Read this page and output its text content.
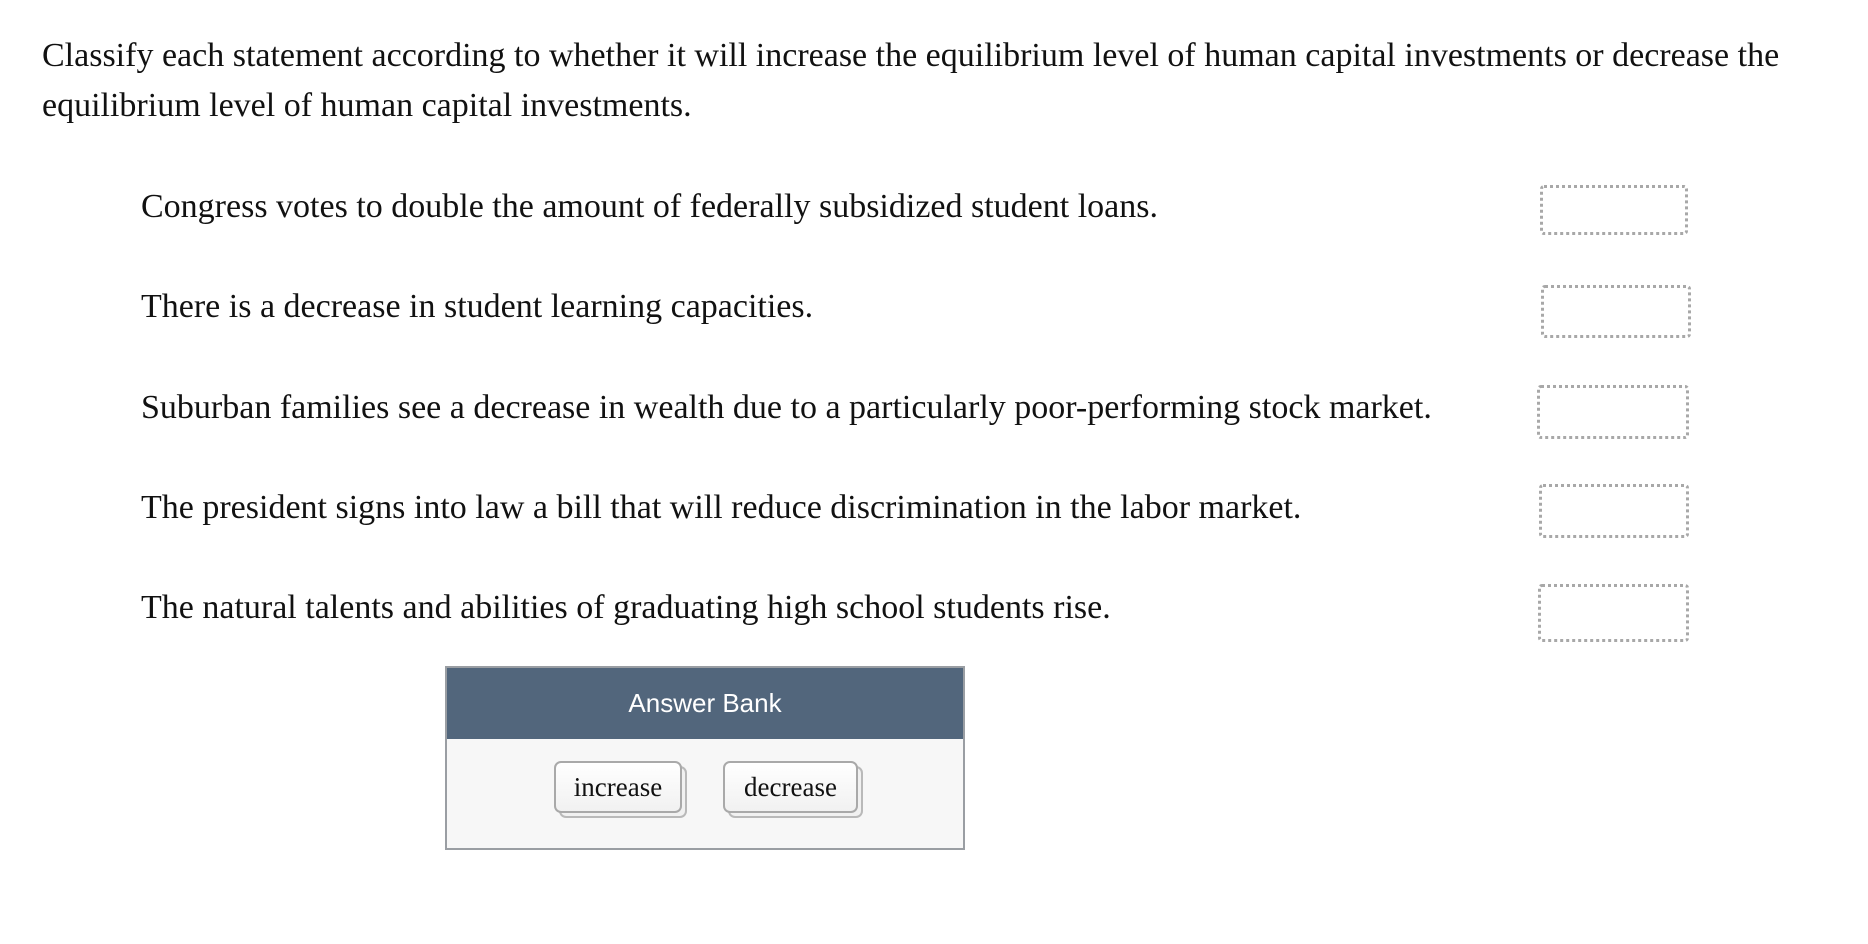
Classify each statement according to whether it will increase the equilibrium level of human capital investments or decrease the equilibrium level of human capital investments.

Congress votes to double the amount of federally subsidized student loans.
There is a decrease in student learning capacities.
Suburban families see a decrease in wealth due to a particularly poor-performing stock market.
The president signs into law a bill that will reduce discrimination in the labor market.
The natural talents and abilities of graduating high school students rise.
Answer Bank
increase	decrease
